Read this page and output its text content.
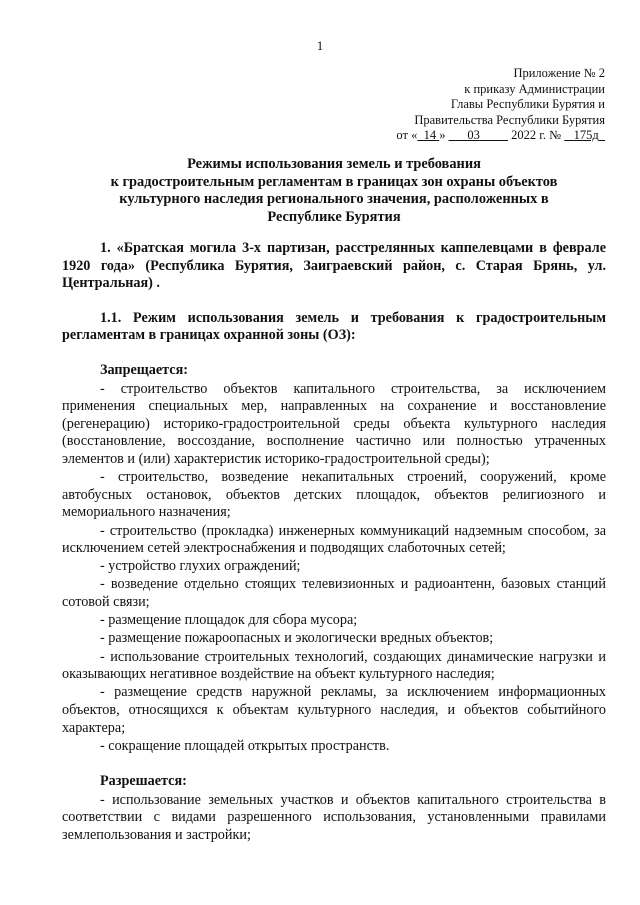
1
Приложение № 2
к приказу Администрации
Главы Республики Бурятия и
Правительства Республики Бурятия
от « 14 »       03          2022 г. №    175д
Режимы использования земель и требования
к градостроительным регламентам в границах зон охраны объектов
культурного наследия регионального значения, расположенных в
Республике Бурятия

1. «Братская могила 3-х партизан, расстрелянных каппелевцами в феврале 1920 года» (Республика Бурятия, Заиграевский район, с. Старая Брянь, ул. Центральная) .

1.1. Режим использования земель и требования к градостроительным регламентам в границах охранной зоны (ОЗ):

Запрещается:

- строительство объектов капитального строительства, за исключением применения специальных мер, направленных на сохранение и восстановление (регенерацию) историко-градостроительной среды объекта культурного наследия (восстановление, воссоздание, восполнение частично или полностью утраченных элементов и (или) характеристик историко-градостроительной среды);

- строительство, возведение некапитальных строений, сооружений, кроме автобусных остановок, объектов детских площадок, объектов религиозного и мемориального назначения;

- строительство (прокладка) инженерных коммуникаций надземным способом, за исключением сетей электроснабжения и подводящих слаботочных сетей;

- устройство глухих ограждений;

- возведение отдельно стоящих телевизионных и радиоантенн, базовых станций сотовой связи;

- размещение площадок для сбора мусора;

- размещение пожароопасных и экологически вредных объектов;

- использование строительных технологий, создающих динамические нагрузки и оказывающих негативное воздействие на объект культурного наследия;

- размещение средств наружной рекламы, за исключением информационных объектов, относящихся к объектам культурного наследия, и объектов событийного характера;

- сокращение площадей открытых пространств.

Разрешается:

- использование земельных участков и объектов капитального строительства в соответствии с видами разрешенного использования, установленными правилами землепользования и застройки;
